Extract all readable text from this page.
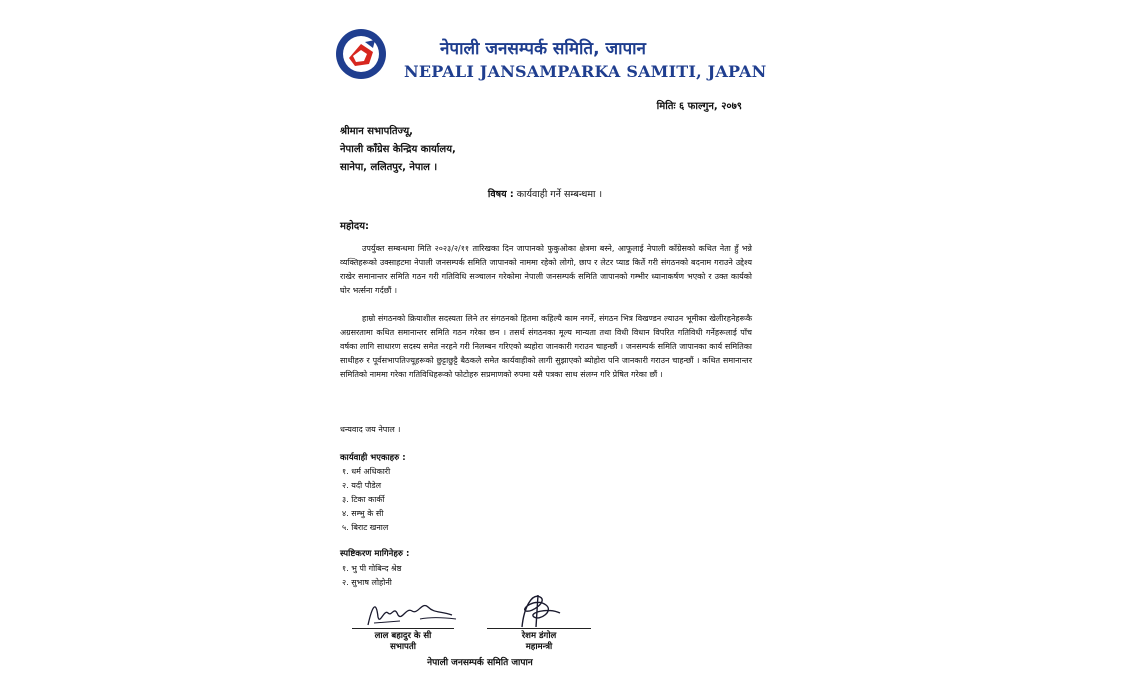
नेपाली जनसम्पर्क समिति, जापान
NEPALI JANSAMPARKA SAMITI, JAPAN
मितिः ६ फाल्गुन, २०७९
श्रीमान सभापतिज्यू,
नेपाली काँग्रेस केन्द्रिय कार्यालय,
सानेपा, ललितपुर, नेपाल ।
विषय : कार्यवाही गर्ने सम्बन्धमा ।
महोदय:

उपर्युक्त सम्बन्धमा मिति २०२३/२/११ तारिखका दिन जापानको फुकुओका क्षेत्रमा बस्ने, आफूलाई नेपाली काँग्रेसको कथित नेता हुँ भन्ने व्यक्तिहरूको उक्साहटमा नेपाली जनसम्पर्क समिति जापानको नाममा रहेको लोगो, छाप र लेटर प्याड किर्ते गरी संगठनको बदनाम गराउने उद्देश्य राखेर समानान्तर समिति गठन गरी गतिविधि सञ्चालन गरेकोमा नेपाली जनसम्पर्क समिति जापानको गम्भीर ध्यानाकर्षण भएको र उक्त कार्यको घोर भर्त्सना गर्दछौं ।

हाम्रो संगठनको क्रियाशील सदस्यता लिने तर संगठनको हितमा कहिल्यै काम नगर्ने, संगठन भित्र विखण्डन ल्याउन भूमीका खेलीरहनेहरूकै अग्रसरतामा कथित समानान्तर समिति गठन गरेका छन । तसर्थ संगठनका मूल्य मान्यता तथा विधी विधान विपरित गतिविधी गर्नेहरूलाई पाँच वर्षका लागि साधारण सदस्य समेत नरहने गरी निलम्बन गरिएको ब्यहोरा जानकारी गराउन चाहन्छौं । जनसम्पर्क समिति जापानका कार्य समितिका साथीहरु र पूर्वसभापतिज्यूहरूको छुट्टाछुट्टै बैठकले समेत कार्यवाहीको लागी सुझाएको ब्योहोरा पनि जानकारी गराउन चाहन्छौं । कथित समानान्तर समितिको नाममा गरेका गतिविधिहरूको फोटोहरु सप्रमाणको रुपमा यसै पत्रका साथ संलग्न गरि प्रेषित गरेका छौं ।

धन्यवाद जय नेपाल ।
कार्यवाही भएकाहरु :
१. धर्म अधिकारी
२. यदी पौडेल
३. टिका कार्की
४. सम्भु के सी
५. बिराट खनाल
स्पष्टिकरण मागिनेहरु :
१. भु पी गोबिन्द श्रेष्ठ
२. सुभाष लोहोनी
लाल बहादुर के सी
सभापती
रेशम डंगोल
महामन्त्री
नेपाली जनसम्पर्क समिति जापान
